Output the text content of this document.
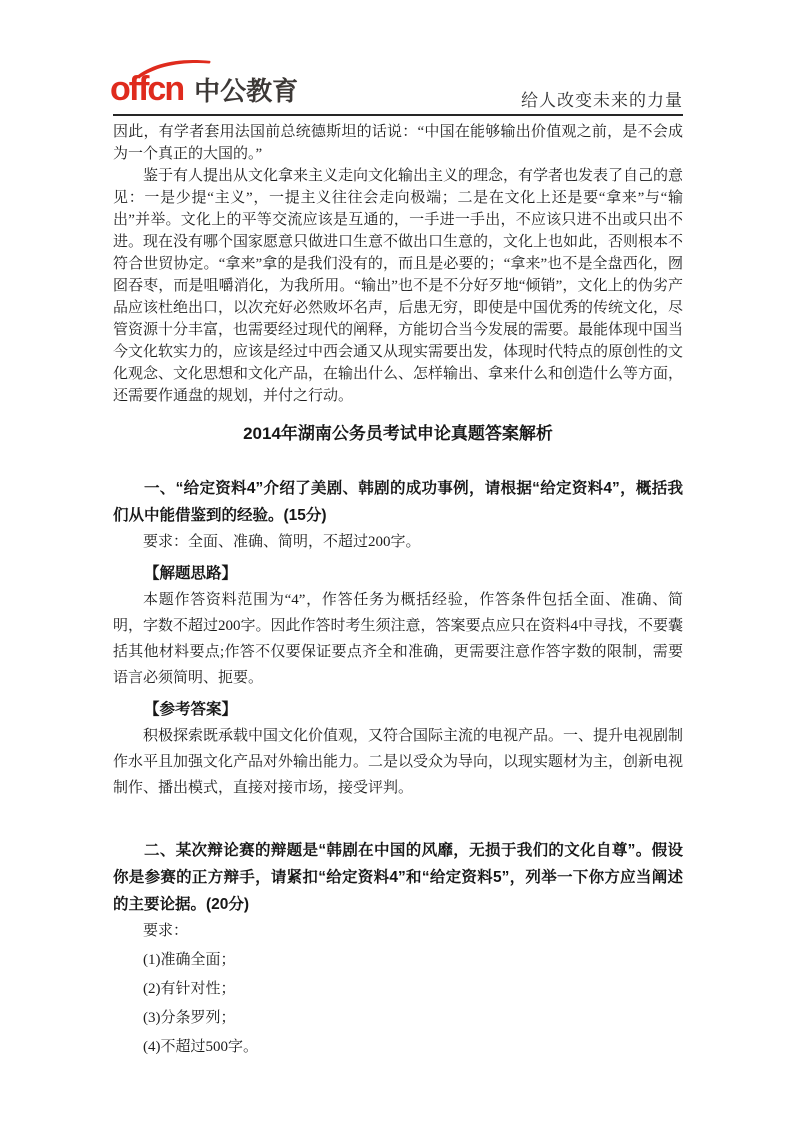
offcn 中公教育	给人改变未来的力量

因此，有学者套用法国前总统德斯坦的话说：“中国在能够输出价值观之前，是不会成为一个真正的大国的。”

鉴于有人提出从文化拿来主义走向文化输出主义的理念，有学者也发表了自己的意见：一是少提“主义”，一提主义往往会走向极端；二是在文化上还是要“拿来”与“输出”并举。文化上的平等交流应该是互通的，一手进一手出，不应该只进不出或只出不进。现在没有哪个国家愿意只做进口生意不做出口生意的，文化上也如此，否则根本不符合世贸协定。“拿来”拿的是我们没有的，而且是必要的；“拿来”也不是全盘西化，囫囵吞枣，而是咀嚼消化，为我所用。“输出”也不是不分好歹地“倾销”，文化上的伪劣产品应该杜绝出口，以次充好必然败坏名声，后患无穷，即使是中国优秀的传统文化，尽管资源十分丰富，也需要经过现代的阐释，方能切合当今发展的需要。最能体现中国当今文化软实力的，应该是经过中西会通又从现实需要出发，体现时代特点的原创性的文化观念、文化思想和文化产品，在输出什么、怎样输出、拿来什么和创造什么等方面，还需要作通盘的规划，并付之行动。

2014年湖南公务员考试申论真题答案解析

一、“给定资料4”介绍了美剧、韩剧的成功事例，请根据“给定资料4”，概括我们从中能借鉴到的经验。(15分)

要求：全面、准确、简明，不超过200字。

【解题思路】

本题作答资料范围为“4”，作答任务为概括经验，作答条件包括全面、准确、简明，字数不超过200字。因此作答时考生须注意，答案要点应只在资料4中寻找，不要囊括其他材料要点;作答不仅要保证要点齐全和准确，更需要注意作答字数的限制，需要语言必须简明、扼要。

【参考答案】

积极探索既承载中国文化价值观，又符合国际主流的电视产品。一、提升电视剧制作水平且加强文化产品对外输出能力。二是以受众为导向，以现实题材为主，创新电视制作、播出模式，直接对接市场，接受评判。

二、某次辩论赛的辩题是“韩剧在中国的风靡，无损于我们的文化自尊”。假设你是参赛的正方辩手，请紧扣“给定资料4”和“给定资料5”，列举一下你方应当阐述的主要论据。(20分)

要求：

(1)准确全面；

(2)有针对性；

(3)分条罗列；

(4)不超过500字。
